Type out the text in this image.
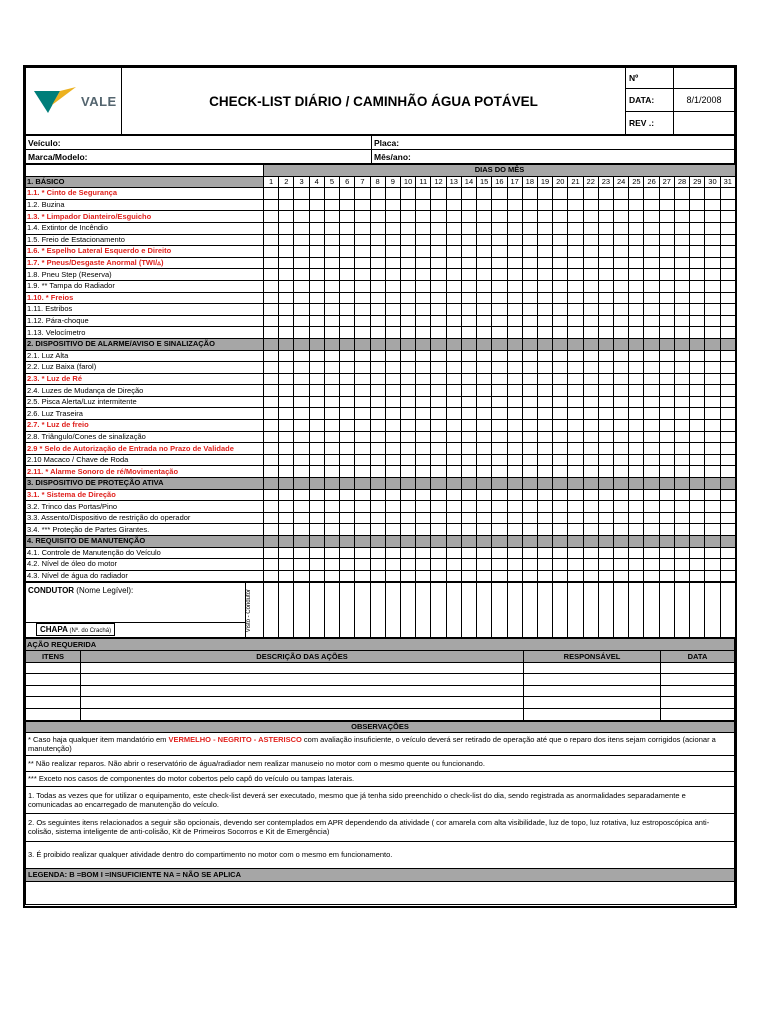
VALE	CHECK-LIST DIÁRIO / CAMINHÃO ÁGUA POTÁVEL	Nº	
		DATA:	8/1/2008
		REV .:	
Veículo:	Placa:
Marca/Modelo:	Mês/ano:
	DIAS DO MÊS																														
1. BÁSICO	1	2	3	4	5	6	7	8	9	10	11	12	13	14	15	16	17	18	19	20	21	22	23	24	25	26	27	28	29	30	31
1.1. * Cinto de Segurança																															
1.2. Buzina																															
1.3. * Limpador Dianteiro/Esguicho																															
1.4. Extintor de Incêndio																															
1.5. Freio de Estacionamento																															
1.6. * Espelho Lateral Esquerdo e Direito																															
1.7. * Pneus/Desgaste Anormal (TWI/▵)																															
1.8. Pneu Step (Reserva)																															
1.9. ** Tampa do Radiador																															
1.10. * Freios																															
1.11. Estribos																															
1.12. Pára-choque																															
1.13. Velocímetro																															
2. DISPOSITIVO DE ALARME/AVISO E SINALIZAÇÃO																															
2.1. Luz Alta																															
2.2. Luz Baixa (farol)																															
2.3. * Luz de Ré																															
2.4. Luzes de Mudança de Direção																															
2.5. Pisca Alerta/Luz intermitente																															
2.6. Luz Traseira																															
2.7. * Luz de freio																															
2.8. Triângulo/Cones de sinalização																															
2.9 * Selo de Autorização de Entrada no Prazo de Validade																															
2.10 Macaco / Chave de Roda																															
2.11. * Alarme Sonoro de ré/Movimentação																															
3. DISPOSITIVO DE PROTEÇÃO ATIVA																															
3.1. * Sistema de Direção																															
3.2. Trinco das Portas/Pino																															
3.3. Assento/Dispositivo de restrição do operador																															
3.4. *** Proteção de Partes Girantes.																															
4. REQUISITO DE MANUTENÇÃO																															
4.1. Controle de Manutenção do Veículo																															
4.2. Nível de óleo do motor																															
4.3. Nível de água do radiador																															
CONDUTOR (Nome Legível):	Visto - Condutor

CHAPA (Nº. do Crachá)
AÇÃO REQUERIDA			
ITENS	DESCRIÇÃO DAS AÇÕES	RESPONSÁVEL	DATA

OBSERVAÇÕES
* Caso haja qualquer item mandatório em VERMELHO - NEGRITO - ASTERISCO com avaliação insuficiente, o veículo deverá ser retirado de operação até que o reparo dos itens sejam corrigidos (acionar a manutenção)
** Não realizar reparos. Não abrir o reservatório de água/radiador nem realizar manuseio no motor com o mesmo quente ou funcionando.
*** Exceto nos casos de componentes do motor cobertos pelo capô do veículo ou tampas laterais.
1. Todas as vezes que for utilizar o equipamento, este check-list deverá ser executado, mesmo que já tenha sido preenchido o check-list do dia, sendo registrada as anormalidades separadamente e comunicadas ao encarregado de manutenção do veículo.
2. Os seguintes itens relacionados a seguir são opcionais, devendo ser contemplados em APR dependendo da atividade ( cor amarela com alta visibilidade, luz de topo, luz rotativa, luz estroposcópica anti-colisão, sistema inteligente de anti-colisão, Kit de Primeiros Socorros e Kit de Emergência)
3. É proibido realizar qualquer atividade dentro do compartimento no motor com o mesmo em funcionamento.
LEGENDA: B =BOM I =INSUFICIENTE NA = NÃO SE APLICA
